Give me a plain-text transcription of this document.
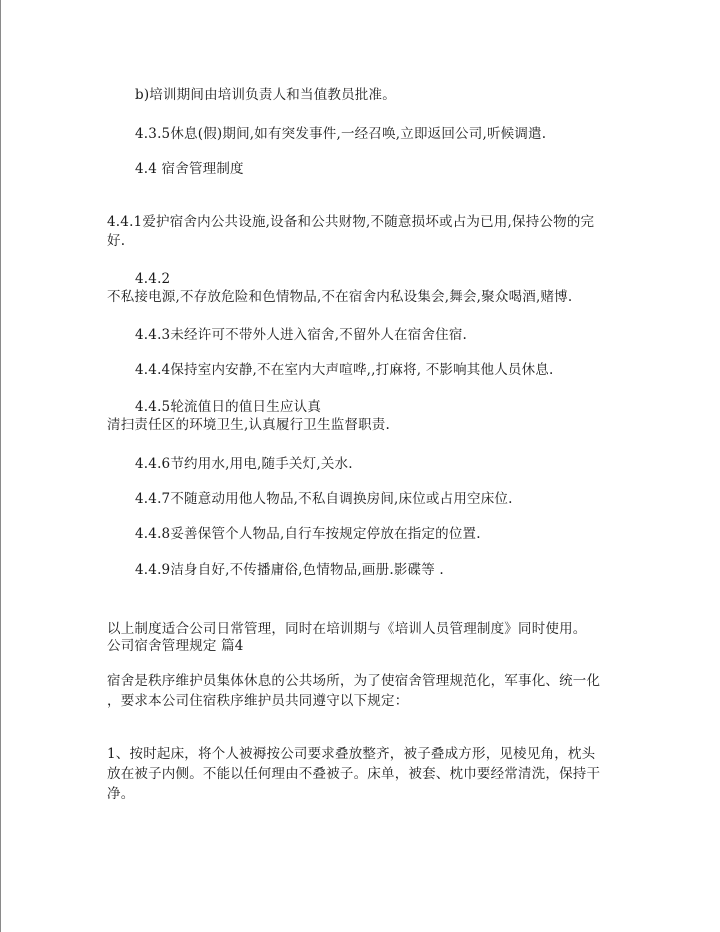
b)培训期间由培训负责人和当值教员批准。
4.3.5休息(假)期间,如有突发事件,一经召唤,立即返回公司,听候调遣.
4.4 宿舍管理制度
4.4.1爱护宿舍内公共设施,设备和公共财物,不随意损坏或占为已用,保持公物的完
好.
4.4.2
不私接电源,不存放危险和色情物品,不在宿舍内私设集会,舞会,聚众喝酒,赌博.
4.4.3未经许可不带外人进入宿舍,不留外人在宿舍住宿.
4.4.4保持室内安静,不在室内大声喧哗,,打麻将, 不影响其他人员休息.
4.4.5轮流值日的值日生应认真
清扫责任区的环境卫生,认真履行卫生监督职责.
4.4.6节约用水,用电,随手关灯,关水.
4.4.7不随意动用他人物品,不私自调换房间,床位或占用空床位.
4.4.8妥善保管个人物品,自行车按规定停放在指定的位置.
4.4.9洁身自好,不传播庸俗,色情物品,画册.影碟等 .
以上制度适合公司日常管理，同时在培训期与《培训人员管理制度》同时使用。
公司宿舍管理规定 篇4
宿舍是秩序维护员集体休息的公共场所，为了使宿舍管理规范化，军事化、统一化
，要求本公司住宿秩序维护员共同遵守以下规定：
1、按时起床，将个人被褥按公司要求叠放整齐，被子叠成方形，见棱见角，枕头
放在被子内侧。不能以任何理由不叠被子。床单，被套、枕巾要经常清洗，保持干
净。
